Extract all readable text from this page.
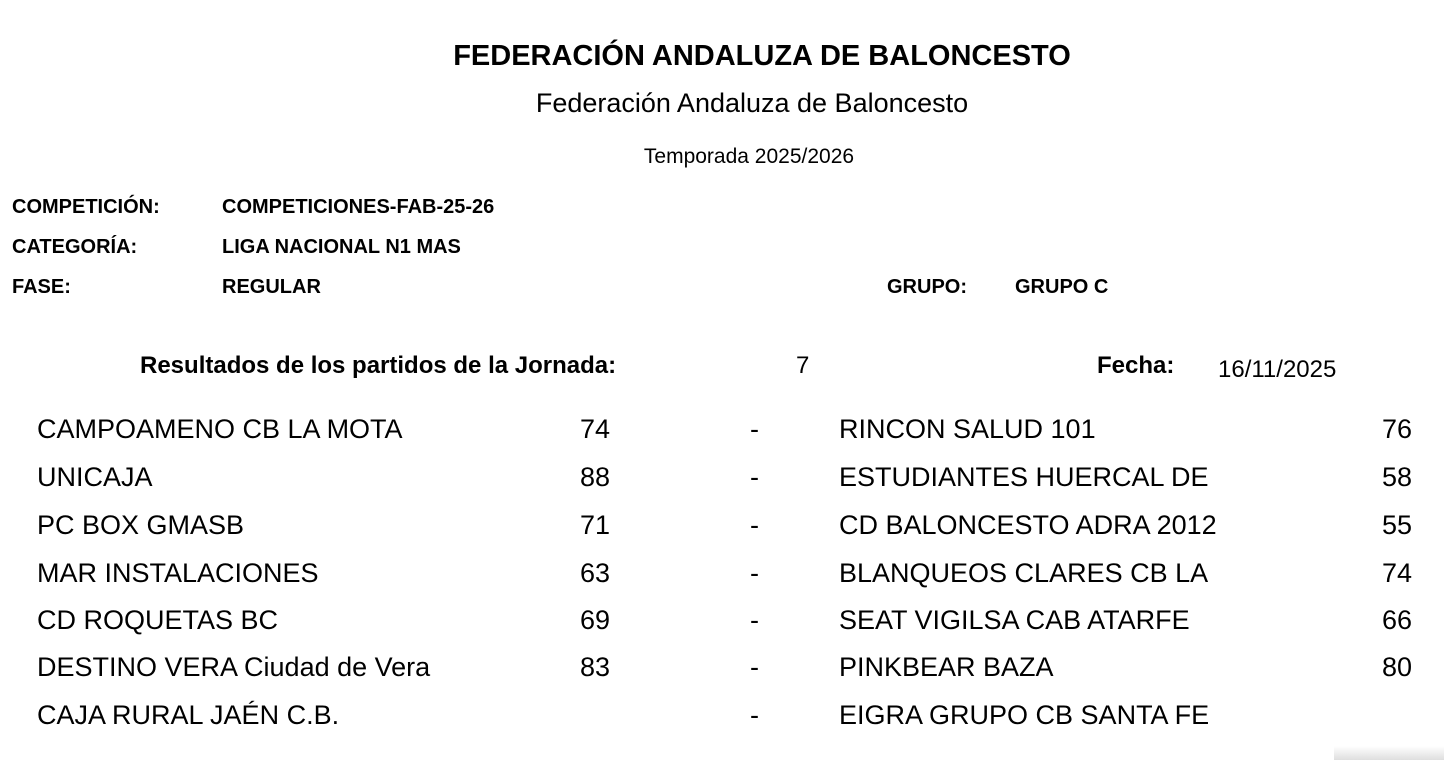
FEDERACIÓN ANDALUZA DE BALONCESTO
Federación Andaluza de Baloncesto
Temporada 2025/2026
COMPETICIÓN:	COMPETICIONES-FAB-25-26
CATEGORÍA:	LIGA NACIONAL N1 MAS
FASE:	REGULAR	GRUPO: GRUPO C
Resultados de los partidos de la Jornada:	7	Fecha: 16/11/2025
CAMPOAMENO CB LA MOTA	74	-	RINCON SALUD 101	76
UNICAJA	88	-	ESTUDIANTES HUERCAL DE	58
PC BOX GMASB	71	-	CD BALONCESTO ADRA 2012	55
MAR INSTALACIONES	63	-	BLANQUEOS CLARES CB LA	74
CD ROQUETAS BC	69	-	SEAT VIGILSA CAB ATARFE	66
DESTINO VERA Ciudad de Vera	83	-	PINKBEAR BAZA	80
CAJA RURAL JAÉN C.B.	-	EIGRA GRUPO CB SANTA FE
